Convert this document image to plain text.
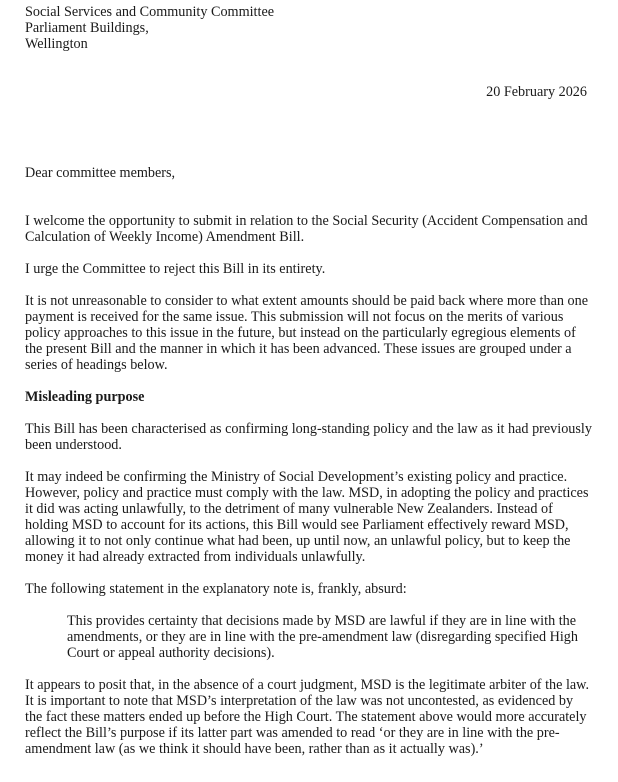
Social Services and Community Committee
Parliament Buildings,
Wellington
20 February 2026
Dear committee members,

I welcome the opportunity to submit in relation to the Social Security (Accident Compensation and Calculation of Weekly Income) Amendment Bill.

I urge the Committee to reject this Bill in its entirety.

It is not unreasonable to consider to what extent amounts should be paid back where more than one payment is received for the same issue. This submission will not focus on the merits of various policy approaches to this issue in the future, but instead on the particularly egregious elements of the present Bill and the manner in which it has been advanced. These issues are grouped under a series of headings below.

Misleading purpose

This Bill has been characterised as confirming long-standing policy and the law as it had previously been understood.

It may indeed be confirming the Ministry of Social Development’s existing policy and practice. However, policy and practice must comply with the law. MSD, in adopting the policy and practices it did was acting unlawfully, to the detriment of many vulnerable New Zealanders. Instead of holding MSD to account for its actions, this Bill would see Parliament effectively reward MSD, allowing it to not only continue what had been, up until now, an unlawful policy, but to keep the money it had already extracted from individuals unlawfully.

The following statement in the explanatory note is, frankly, absurd:

This provides certainty that decisions made by MSD are lawful if they are in line with the amendments, or they are in line with the pre-amendment law (disregarding specified High Court or appeal authority decisions).

It appears to posit that, in the absence of a court judgment, MSD is the legitimate arbiter of the law. It is important to note that MSD’s interpretation of the law was not uncontested, as evidenced by the fact these matters ended up before the High Court. The statement above would more accurately reflect the Bill’s purpose if its latter part was amended to read ‘or they are in line with the pre-amendment law (as we think it should have been, rather than as it actually was).’
